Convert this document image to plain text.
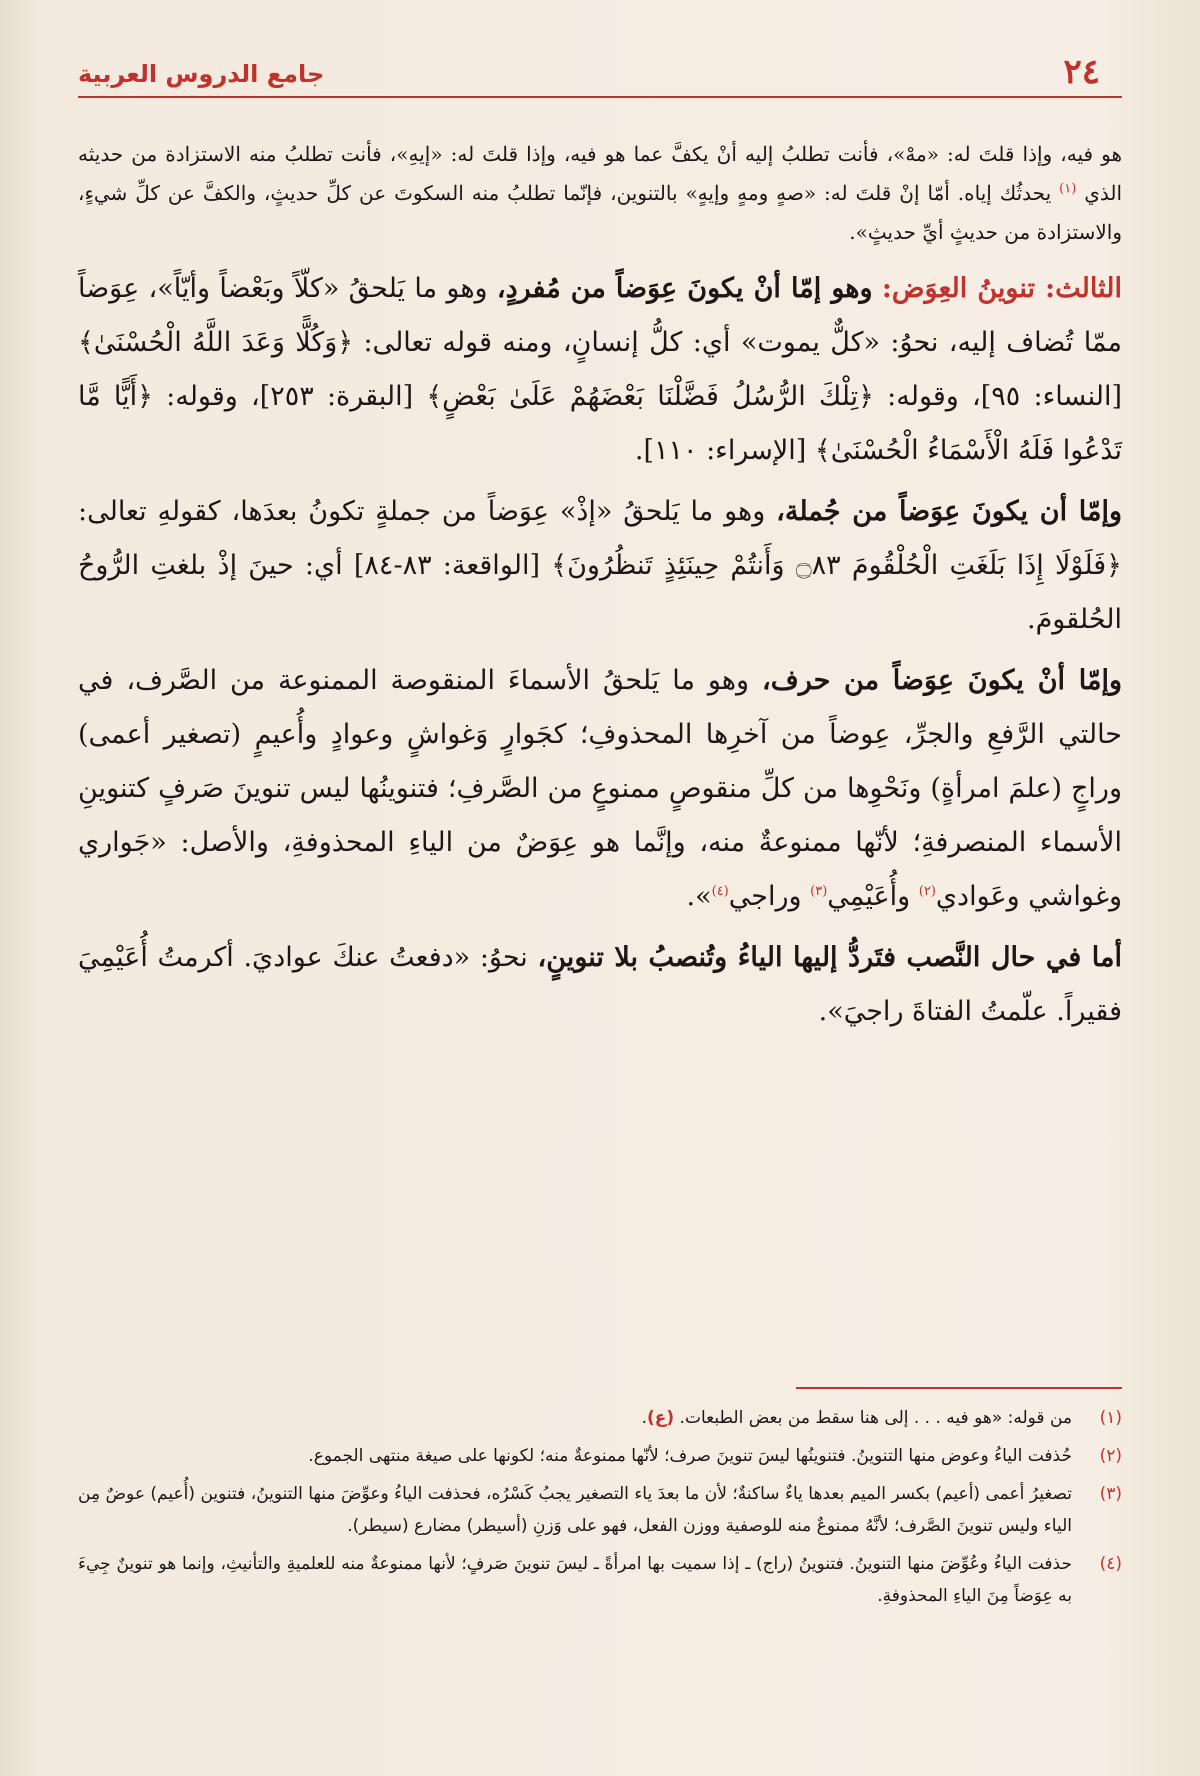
٢٤
جامع الدروس العربية

هو فيه، وإذا قلتَ له: «مهْ»، فأنت تطلبُ إليه أنْ يكفَّ عما هو فيه، وإذا قلتَ له: «إيهِ»، فأنت تطلبُ منه الاستزادة من حديثه الذي $^{(١)}$ يحدثُك إياه. أمّا إنْ قلتَ له: «صهٍ ومهٍ وإيهٍ» بالتنوين، فإنّما تطلبُ منه السكوتَ عن كلِّ حديثٍ، والكفَّ عن كلِّ شيءٍ، والاستزادة من حديثٍ أيِّ حديثٍ».

الثالث: تنوينُ العِوَض: وهو إمّا أنْ يكونَ عِوَضاً من مُفردٍ، وهو ما يَلحقُ «كلّاً وبَعْضاً وأيّاً»، عِوَضاً ممّا تُضاف إليه، نحوُ: «كلٌّ يموت» أي: كلُّ إنسانٍ، ومنه قوله تعالى: ﴿وَكُلًّا وَعَدَ اللَّهُ الْحُسْنَىٰ﴾ [النساء: ٩٥]، وقوله: ﴿تِلْكَ الرُّسُلُ فَضَّلْنَا بَعْضَهُمْ عَلَىٰ بَعْضٍ﴾ [البقرة: ٢٥٣]، وقوله: ﴿أَيًّا مَّا تَدْعُوا فَلَهُ الْأَسْمَاءُ الْحُسْنَىٰ﴾ [الإسراء: ١١٠].

وإمّا أن يكونَ عِوَضاً من جُملة، وهو ما يَلحقُ «إذْ» عِوَضاً من جملةٍ تكونُ بعدَها، كقولهِ تعالى: ﴿فَلَوْلَا إِذَا بَلَغَتِ الْحُلْقُومَ ۝٨٣ وَأَنتُمْ حِينَئِذٍ تَنظُرُونَ﴾ [الواقعة: ٨٣-٨٤] أي: حينَ إذْ بلغتِ الرُّوحُ الحُلقومَ.

وإمّا أنْ يكونَ عِوَضاً من حرف، وهو ما يَلحقُ الأسماءَ المنقوصة الممنوعة من الصَّرف، في حالتي الرَّفعِ والجرِّ، عِوضاً من آخرِها المحذوفِ؛ كجَوارٍ وَغواشٍ وعوادٍ وأُعيمٍ (تصغير أعمى) وراجٍ (علمَ امرأةٍ) ونَحْوِها من كلِّ منقوصٍ ممنوعٍ من الصَّرفِ؛ فتنوينُها ليس تنوينَ صَرفٍ كتنوينِ الأسماء المنصرفةِ؛ لأنّها ممنوعةٌ منه، وإنَّما هو عِوَضٌ من الياءِ المحذوفةِ، والأصل: «جَواري وغواشي وعَوادي$^{(٢)}$ وأُعَيْمِي$^{(٣)}$ وراجي$^{(٤)}$».

أما في حال النَّصب فتَردُّ إليها الياءُ وتُنصبُ بلا تنوينٍ، نحوُ: «دفعتُ عنكَ عواديَ. أكرمتُ أُعَيْمِيَ فقيراً. علّمتُ الفتاةَ راجيَ».

(١)
من قوله: «هو فيه . . . إلى هنا سقط من بعض الطبعات. (ع).
(٢)
حُذفت الياءُ وعوض منها التنوينُ. فتنوينُها ليسَ تنوينَ صرف؛ لأنّها ممنوعةٌ منه؛ لكونها على صيغة منتهى الجموع.
(٣)
تصغيرُ أعمى (أعيم) بكسر الميم بعدها ياءٌ ساكنةٌ؛ لأن ما بعدَ ياء التصغير يجبُ كَسْرُه، فحذفت الياءُ وعوِّضَ منها التنوينُ، فتنوين (أُعيم) عوضٌ مِن الياء وليس تنوينَ الصَّرف؛ لأنَّهُ ممنوعٌ منه للوصفية ووزن الفعل، فهو على وَزنِ (أسيطر) مضارع (سيطر).
(٤)
حذفت الياءُ وعُوِّضَ منها التنوينُ. فتنوينُ (راج) ـ إذا سميت بها امرأةً ـ ليسَ تنوينَ صَرفٍ؛ لأنها ممنوعةٌ منه للعلميةِ والتأنيثِ، وإنما هو تنوينٌ جِيءَ به عِوَضاً مِنَ الياءِ المحذوفةِ.
